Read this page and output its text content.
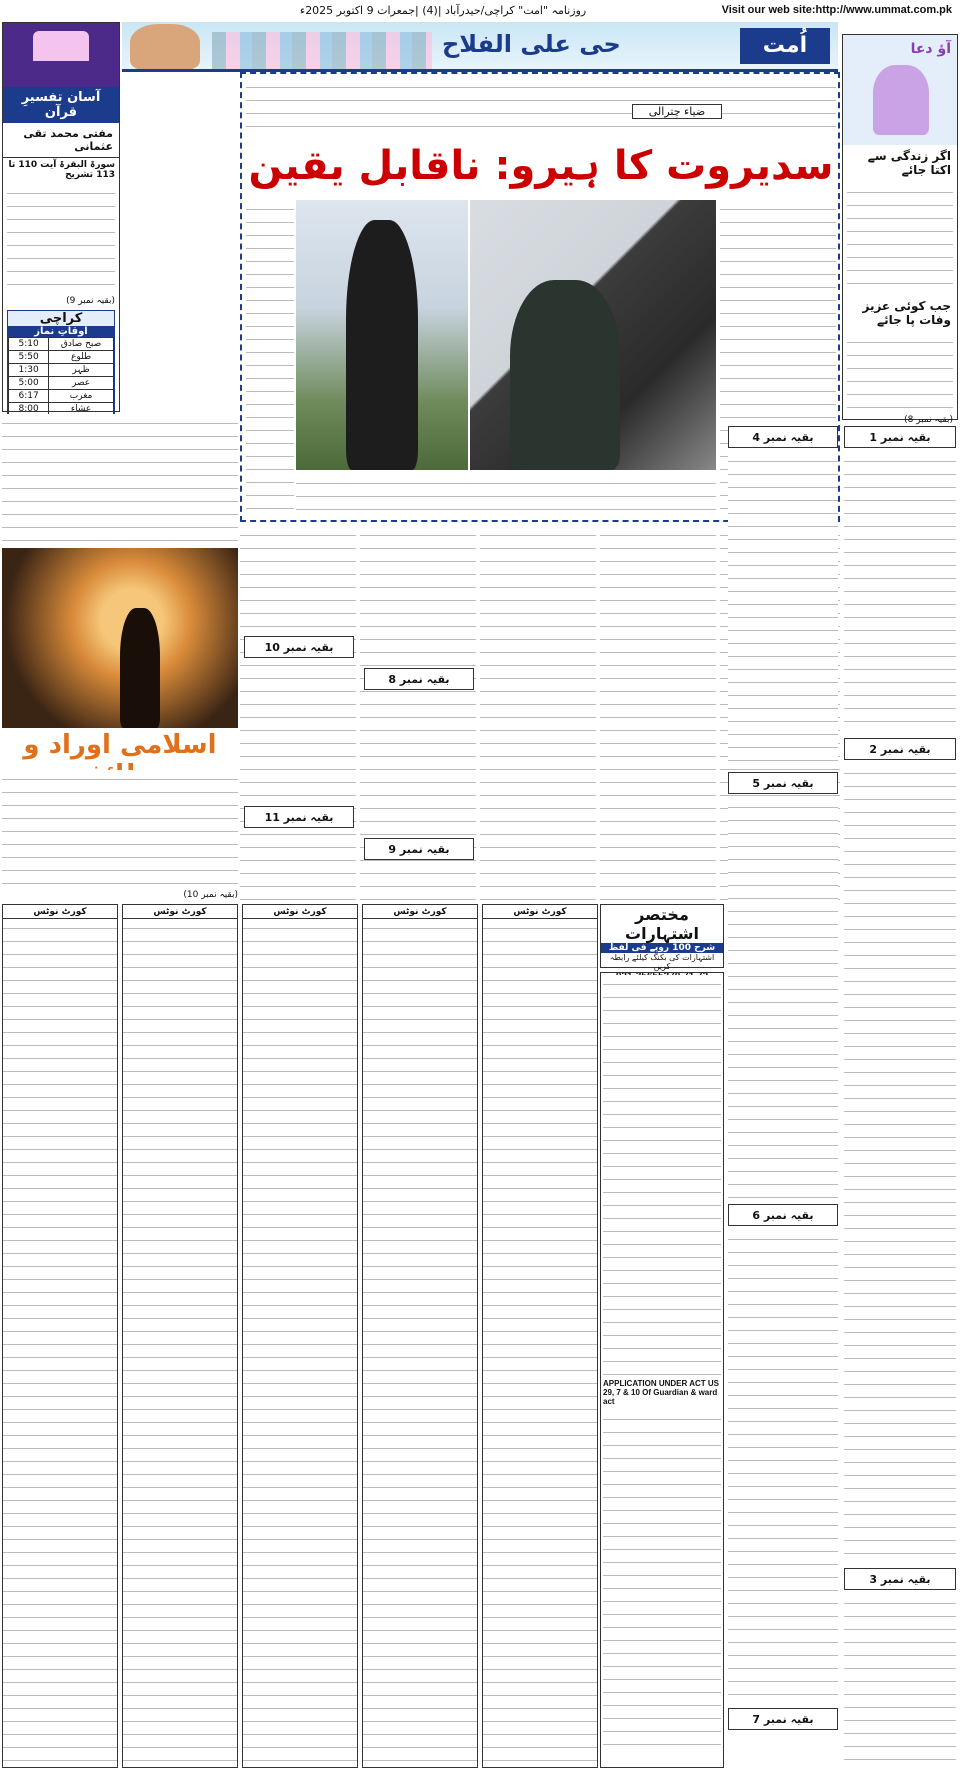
روزنامہ "امت" کراچی/حیدرآباد |(4) |جمعرات 9 اکتوبر 2025ء	Visit our web site:http://www.ummat.com.pk
حی علی الفلاح	اُمت
آسان تفسیرِ قرآن
مفتی محمد تقی عثمانی
سورۃ البقرۃ آیت 110 تا 113 تشریح
(بقیہ نمبر 9)
کراچی
اوقاتِ نماز
5:10	صبح صادق
5:50	طلوع
1:30	ظہر
5:00	عصر
6:17	مغرب
8:00	عشاء

آؤ دعا
اگر زندگی سے اکتا جائے
جب کوئی عزیز وفات پا جائے
(بقیہ نمبر 8)
ضیاء چترالی
سدیروت کا ہیرو: ناقابل یقین
اسلامی اوراد و
(بقیہ نمبر 10)
بقیہ نمبر 10
بقیہ نمبر 11
بقیہ نمبر 8
بقیہ نمبر 9
بقیہ نمبر 4
بقیہ نمبر 5
بقیہ نمبر 6
بقیہ نمبر 7
بقیہ نمبر 1
بقیہ نمبر 2
بقیہ نمبر 3
مختصر اشتہارات
شرح 100 روپے فی لفظ
اشتہارات کی بکنگ کیلئے رابطہ کریں
کورٹ نوٹس	کورٹ نوٹس	کورٹ نوٹس	کورٹ نوٹس	کورٹ نوٹس
APPLICATION UNDER ACT US 29, 7 & 10 Of Guardian & ward act
